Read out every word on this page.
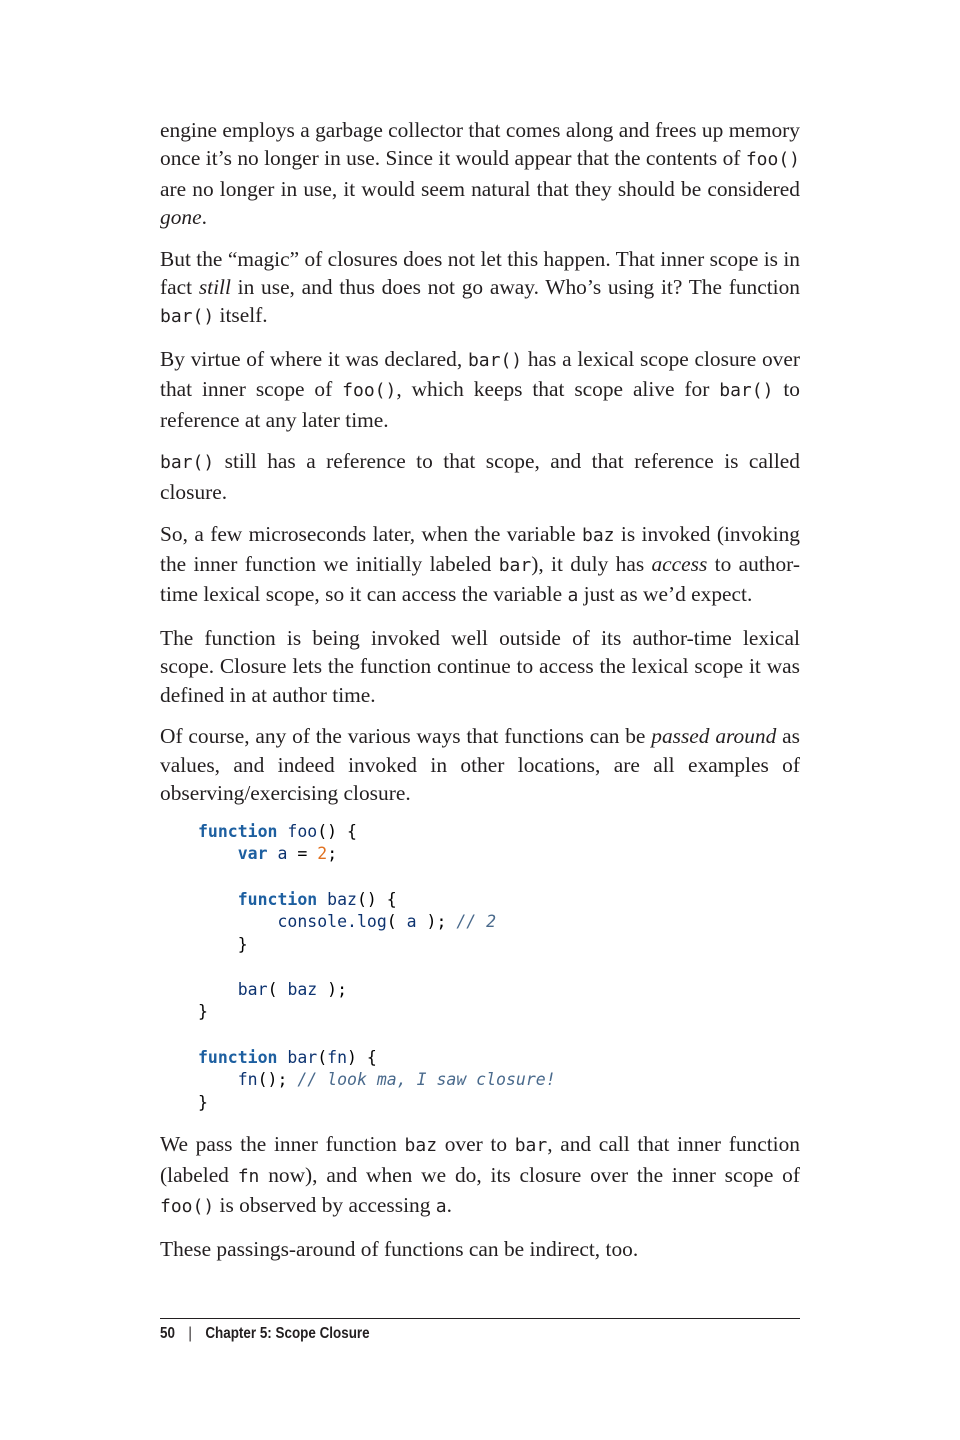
engine employs a garbage collector that comes along and frees up memory once it’s no longer in use. Since it would appear that the contents of foo() are no longer in use, it would seem natural that they should be considered gone.

But the “magic” of closures does not let this happen. That inner scope is in fact still in use, and thus does not go away. Who’s using it? The function bar() itself.

By virtue of where it was declared, bar() has a lexical scope closure over that inner scope of foo(), which keeps that scope alive for bar() to reference at any later time.

bar() still has a reference to that scope, and that reference is called closure.

So, a few microseconds later, when the variable baz is invoked (invoking the inner function we initially labeled bar), it duly has access to author-time lexical scope, so it can access the variable a just as we’d expect.

The function is being invoked well outside of its author-time lexical scope. Closure lets the function continue to access the lexical scope it was defined in at author time.

Of course, any of the various ways that functions can be passed around as values, and indeed invoked in other locations, are all examples of observing/exercising closure.

function foo() {
var a = 2;

function baz() {
console.log( a ); // 2
}

bar( baz );
}

function bar(fn) {
fn(); // look ma, I saw closure!
}

We pass the inner function baz over to bar, and call that inner function (labeled fn now), and when we do, its closure over the inner scope of foo() is observed by accessing a.

These passings-around of functions can be indirect, too.

50 | Chapter 5: Scope Closure
